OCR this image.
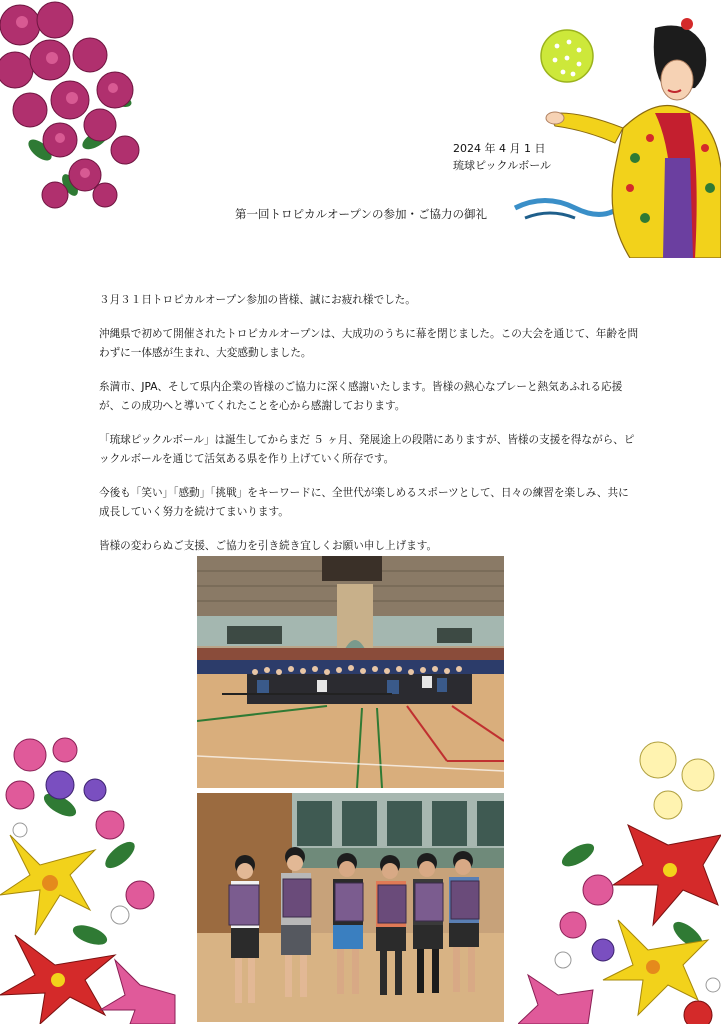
2024 年 4 月 1 日
琉球ピックルボール
第一回トロピカルオープンの参加・ご協力の御礼

３月３１日トロピカルオープン参加の皆様、誠にお疲れ様でした。

沖縄県で初めて開催されたトロピカルオープンは、大成功のうちに幕を閉じました。この大会を通じて、年齢を問わずに一体感が生まれ、大変感動しました。

糸満市、JPA、そして県内企業の皆様のご協力に深く感謝いたします。皆様の熱心なプレーと熱気あふれる応援が、この成功へと導いてくれたことを心から感謝しております。

「琉球ピックルボール」は誕生してからまだ ５ ヶ月、発展途上の段階にありますが、皆様の支援を得ながら、ピックルボールを通じて活気ある県を作り上げていく所存です。

今後も「笑い」「感動」「挑戦」をキーワードに、全世代が楽しめるスポーツとして、日々の練習を楽しみ、共に成長していく努力を続けてまいります。

皆様の変わらぬご支援、ご協力を引き続き宜しくお願い申し上げます。
